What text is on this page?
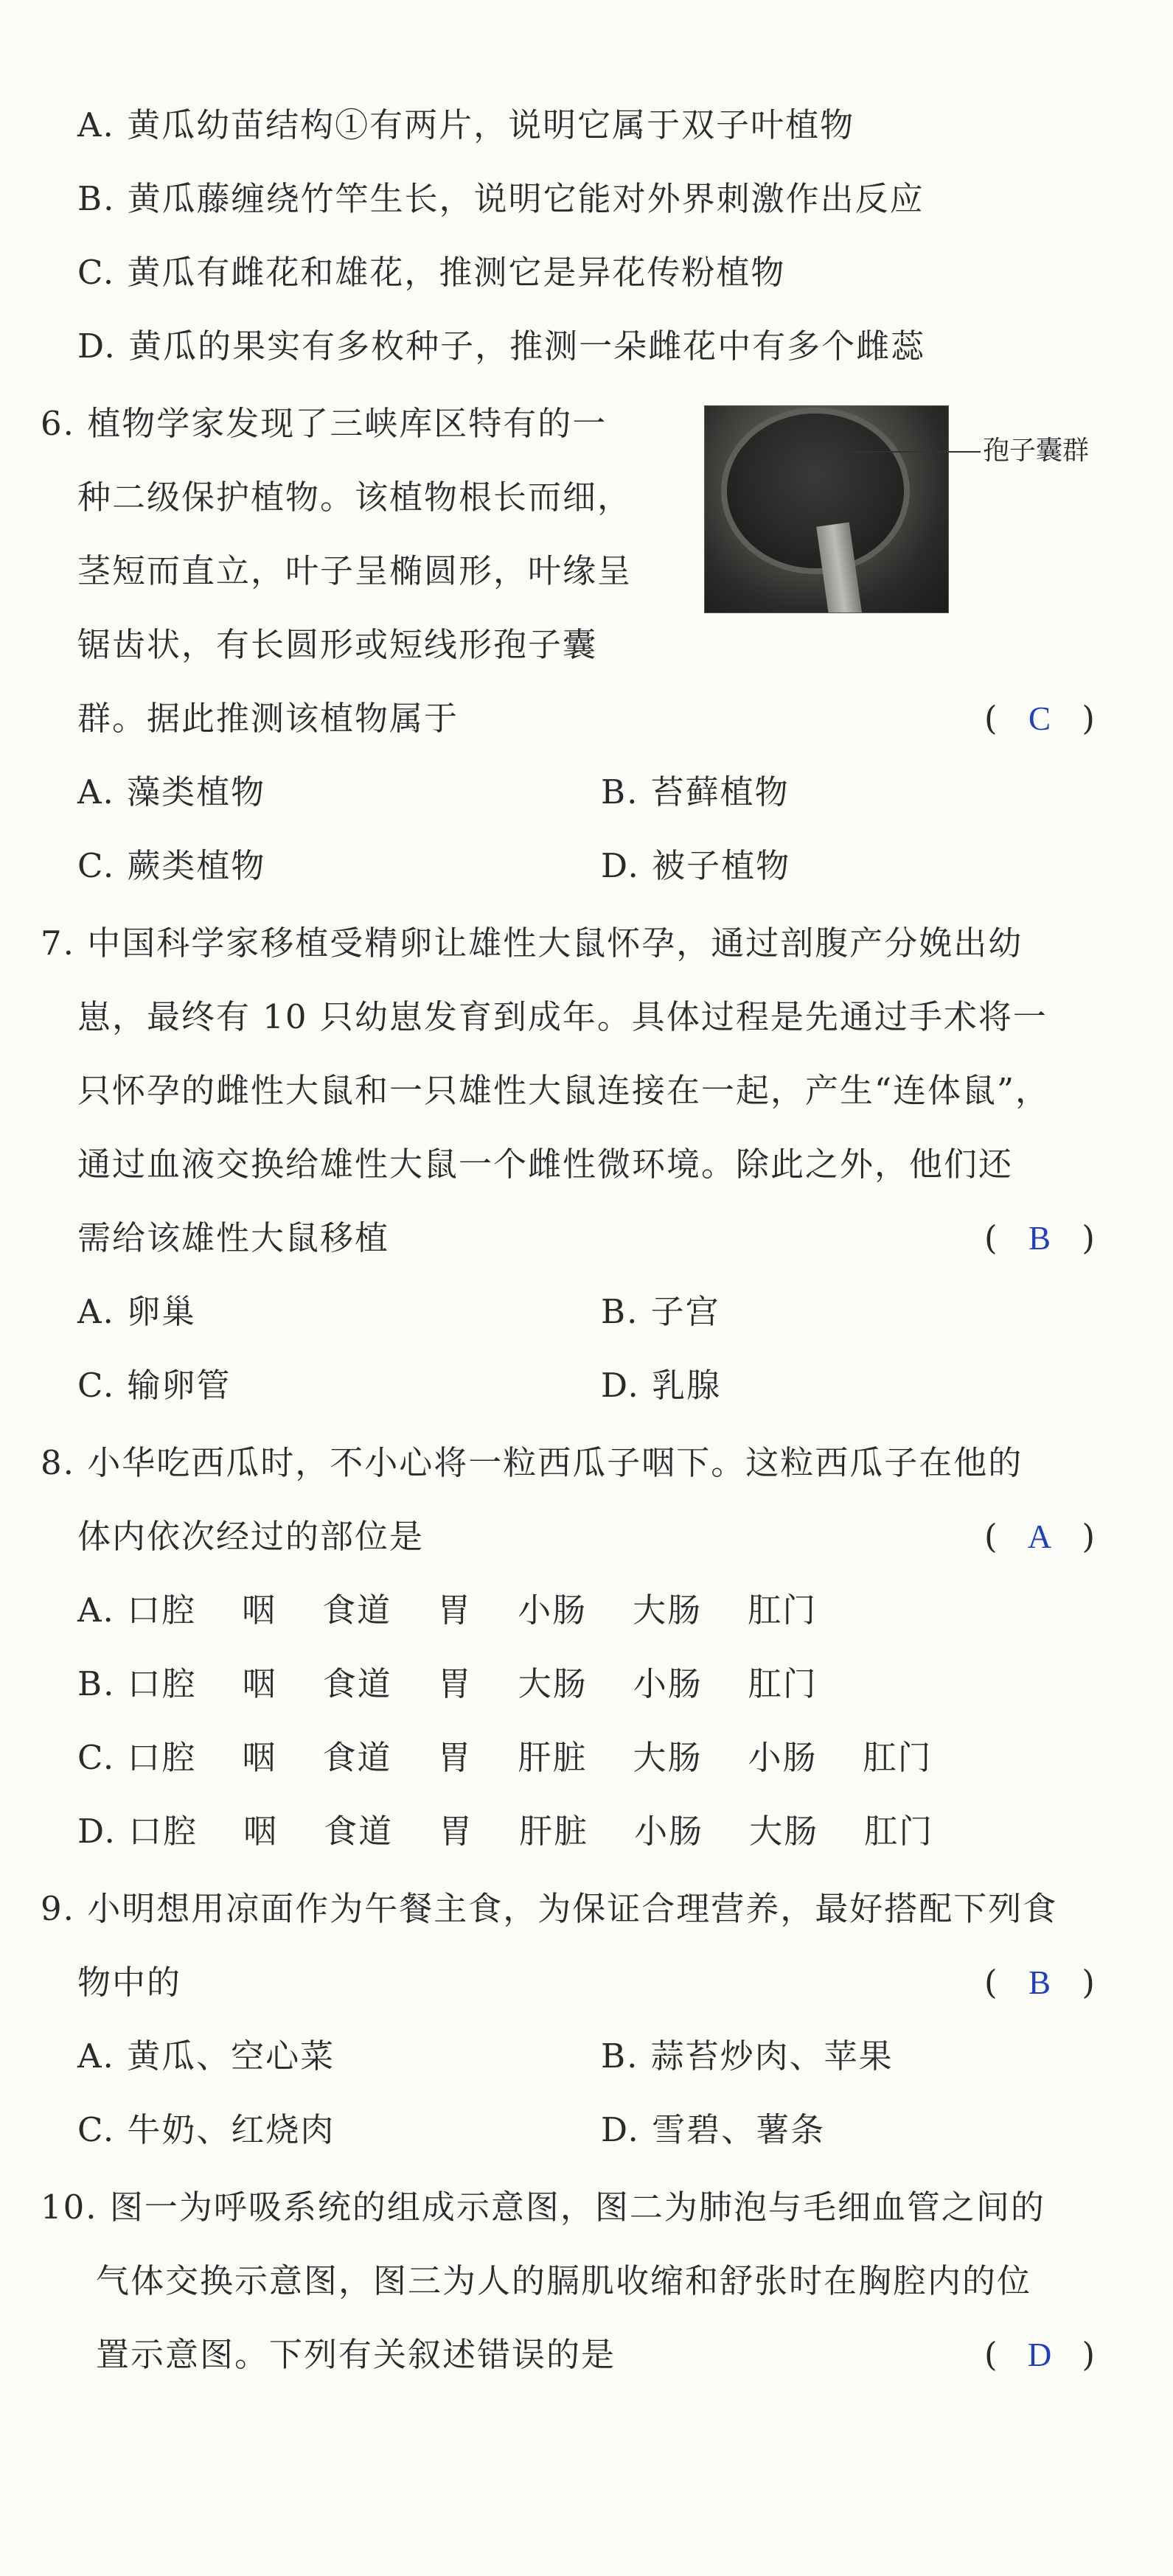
A. 黄瓜幼苗结构①有两片，说明它属于双子叶植物
B. 黄瓜藤缠绕竹竿生长，说明它能对外界刺激作出反应
C. 黄瓜有雌花和雄花，推测它是异花传粉植物
D. 黄瓜的果实有多枚种子，推测一朵雌花中有多个雌蕊
6. 植物学家发现了三峡库区特有的一
种二级保护植物。该植物根长而细，
茎短而直立，叶子呈椭圆形，叶缘呈
锯齿状，有长圆形或短线形孢子囊
群。据此推测该植物属于	( C )
孢子囊群
A. 藻类植物	B. 苔藓植物
C. 蕨类植物	D. 被子植物
7. 中国科学家移植受精卵让雄性大鼠怀孕，通过剖腹产分娩出幼
崽，最终有 10 只幼崽发育到成年。具体过程是先通过手术将一
只怀孕的雌性大鼠和一只雄性大鼠连接在一起，产生“连体鼠”，
通过血液交换给雄性大鼠一个雌性微环境。除此之外，他们还
需给该雄性大鼠移植	( B )
A. 卵巢	B. 子宫
C. 输卵管	D. 乳腺
8. 小华吃西瓜时，不小心将一粒西瓜子咽下。这粒西瓜子在他的
体内依次经过的部位是	( A )
A. 口腔 咽 食道 胃 小肠 大肠 肛门
B. 口腔 咽 食道 胃 大肠 小肠 肛门
C. 口腔 咽 食道 胃 肝脏 大肠 小肠 肛门
D. 口腔 咽 食道 胃 肝脏 小肠 大肠 肛门
9. 小明想用凉面作为午餐主食，为保证合理营养，最好搭配下列食
物中的	( B )
A. 黄瓜、空心菜	B. 蒜苔炒肉、苹果
C. 牛奶、红烧肉	D. 雪碧、薯条
10. 图一为呼吸系统的组成示意图，图二为肺泡与毛细血管之间的
气体交换示意图，图三为人的膈肌收缩和舒张时在胸腔内的位
置示意图。下列有关叙述错误的是	( D )
